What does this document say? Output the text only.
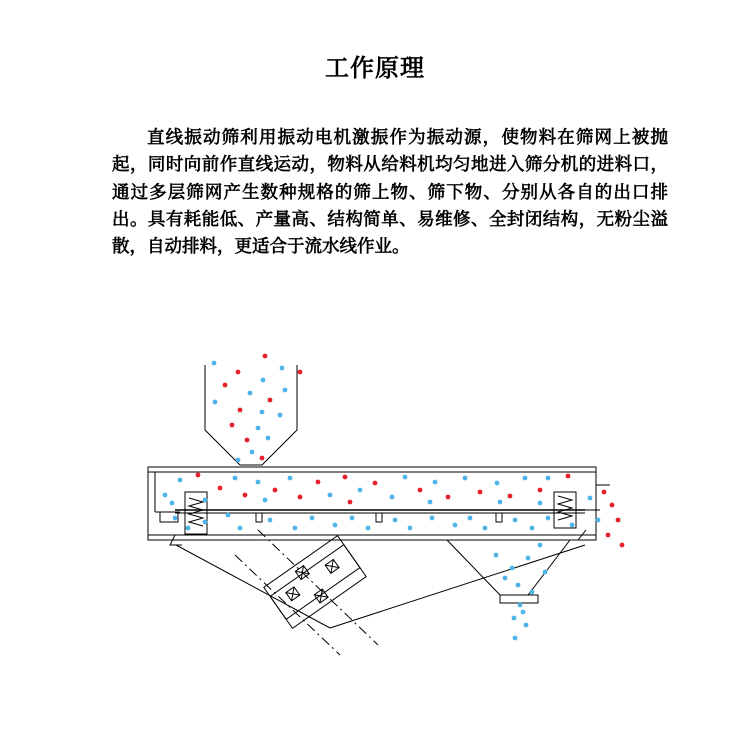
工作原理
直线振动筛利用振动电机激振作为振动源，使物料在筛网上被抛起，同时向前作直线运动，物料从给料机均匀地进入筛分机的进料口，通过多层筛网产生数种规格的筛上物、筛下物、分别从各自的出口排出。具有耗能低、产量高、结构简单、易维修、全封闭结构，无粉尘溢散，自动排料，更适合于流水线作业。
